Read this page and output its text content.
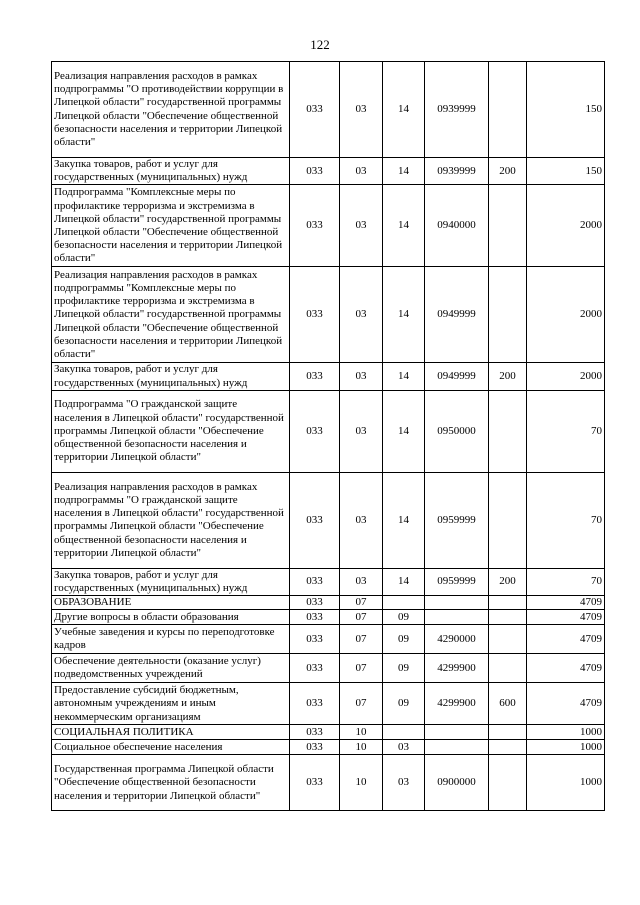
122
Реализация направления расходов в рамках подпрограммы "О противодействии коррупции в Липецкой области" государственной программы Липецкой области "Обеспечение общественной безопасности населения и территории Липецкой области"	033	03	14	0939999		150
Закупка товаров, работ и услуг для государственных (муниципальных) нужд	033	03	14	0939999	200	150
Подпрограмма "Комплексные меры по профилактике терроризма и экстремизма в Липецкой области" государственной программы Липецкой области "Обеспечение общественной безопасности населения и территории Липецкой области"	033	03	14	0940000		2000
Реализация направления расходов в рамках подпрограммы "Комплексные меры по профилактике терроризма и экстремизма в Липецкой области" государственной программы Липецкой области "Обеспечение общественной безопасности населения и территории Липецкой области"	033	03	14	0949999		2000
Закупка товаров, работ и услуг для государственных (муниципальных) нужд	033	03	14	0949999	200	2000
Подпрограмма "О гражданской защите населения в Липецкой области" государственной программы Липецкой области "Обеспечение общественной безопасности населения и территории Липецкой области"	033	03	14	0950000		70
Реализация направления расходов в рамках подпрограммы "О гражданской защите населения в Липецкой области" государственной программы Липецкой области "Обеспечение общественной безопасности населения и территории Липецкой области"	033	03	14	0959999		70
Закупка товаров, работ и услуг для государственных (муниципальных) нужд	033	03	14	0959999	200	70
ОБРАЗОВАНИЕ	033	07				4709
Другие вопросы в области образования	033	07	09			4709
Учебные заведения и курсы по переподготовке кадров	033	07	09	4290000		4709
Обеспечение деятельности (оказание услуг) подведомственных учреждений	033	07	09	4299900		4709
Предоставление субсидий бюджетным, автономным учреждениям и иным некоммерческим организациям	033	07	09	4299900	600	4709
СОЦИАЛЬНАЯ ПОЛИТИКА	033	10				1000
Социальное обеспечение населения	033	10	03			1000
Государственная программа Липецкой области "Обеспечение общественной безопасности населения и территории Липецкой области"	033	10	03	0900000		1000
